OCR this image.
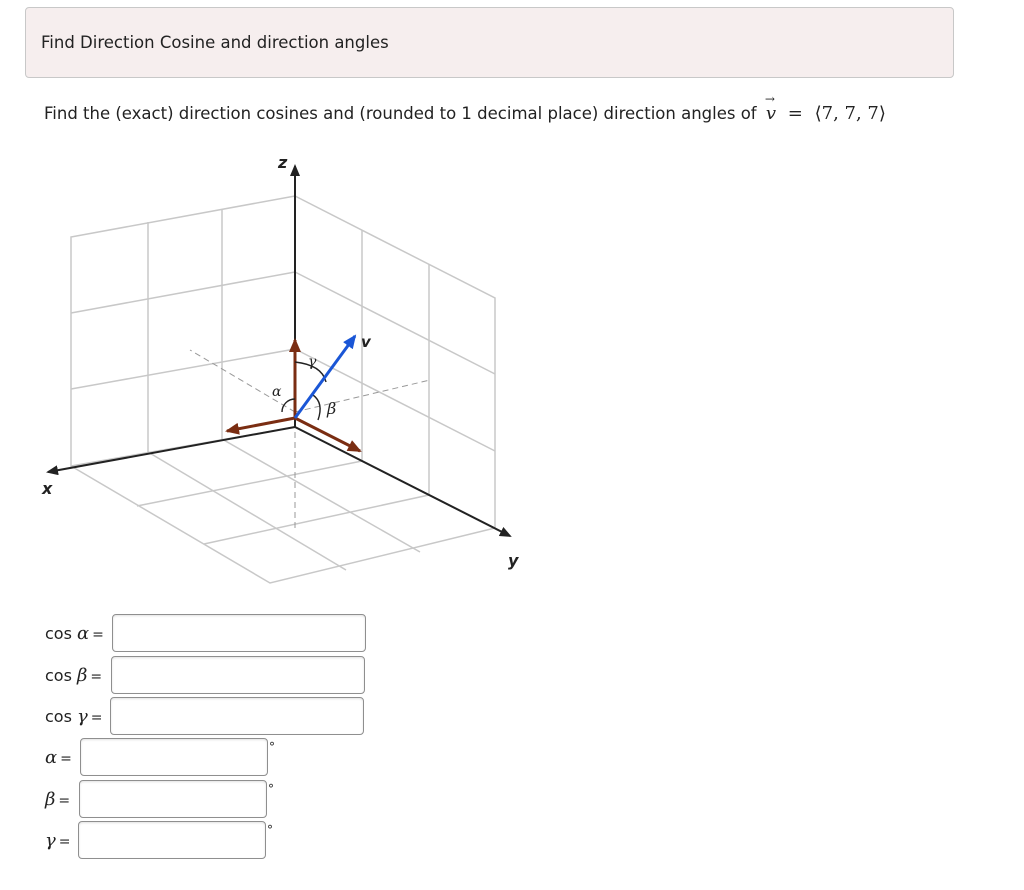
Find Direction Cosine and direction angles
Find the (exact) direction cosines and (rounded to 1 decimal place) direction angles of
→
v = ⟨7, 7, 7⟩
z
x
y
v
α
γ
β
cos α =
cos β =
cos γ =
α =
°
β =
°
γ =
°
